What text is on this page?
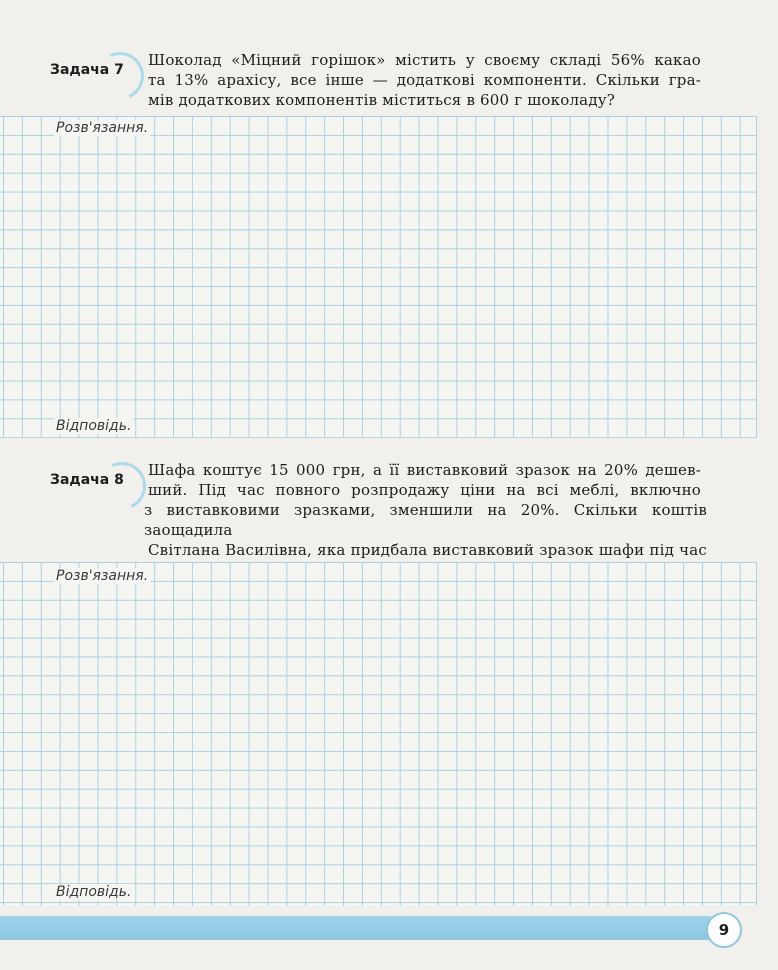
Задача 7
Шоколад «Міцний горішок» містить у своєму складі 56% какао
та 13% арахісу, все інше — додаткові компоненти. Скільки гра-
мів додаткових компонентів міститься в 600 г шоколаду?
Розв'язання.
Відповідь.
Задача 8
Шафа коштує 15 000 грн, а її виставковий зразок на 20% дешев-
ший. Під час повного розпродажу ціни на всі меблі, включно
з виставковими зразками, зменшили на 20%. Скільки коштів заощадила
Світлана Василівна, яка придбала виставковий зразок шафи під час
Розв'язання.
Відповідь.
9
